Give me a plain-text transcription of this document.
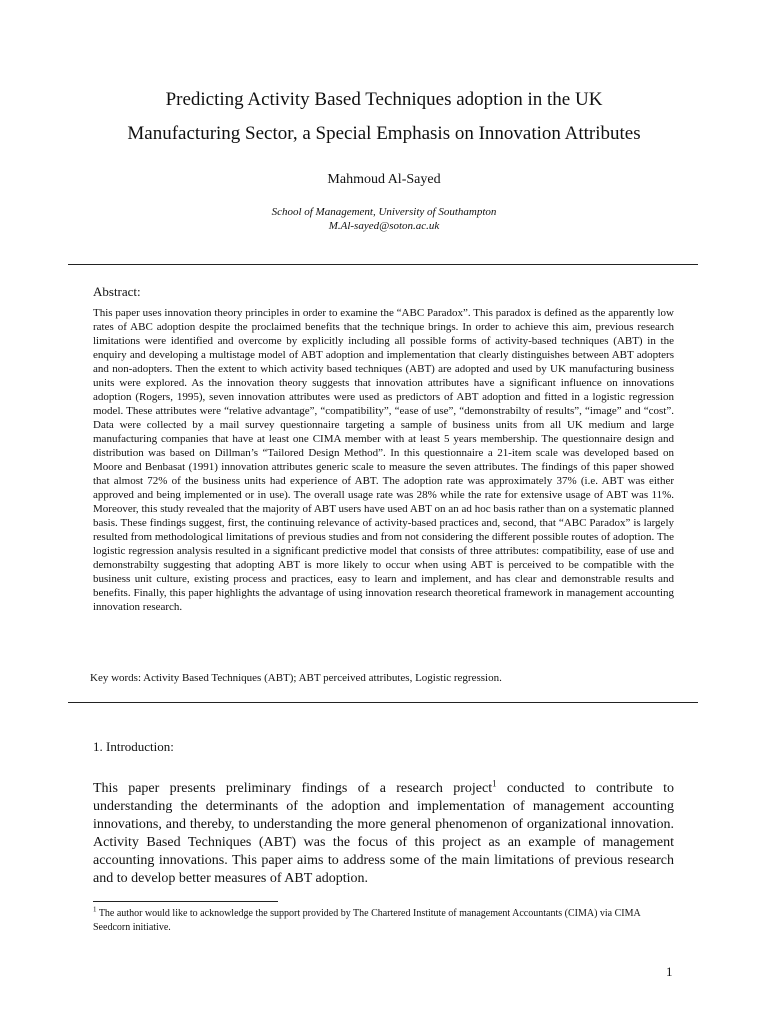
Predicting Activity Based Techniques adoption in the UK
Manufacturing Sector, a Special Emphasis on Innovation Attributes
Mahmoud Al-Sayed
School of Management, University of Southampton
M.Al-sayed@soton.ac.uk
Abstract:
This paper uses innovation theory principles in order to examine the “ABC Paradox”. This paradox is defined as the apparently low rates of ABC adoption despite the proclaimed benefits that the technique brings. In order to achieve this aim, previous research limitations were identified and overcome by explicitly including all possible forms of activity-based techniques (ABT) in the enquiry and developing a multistage model of ABT adoption and implementation that clearly distinguishes between ABT adopters and non-adopters. Then the extent to which activity based techniques (ABT) are adopted and used by UK manufacturing business units were explored. As the innovation theory suggests that innovation attributes have a significant influence on innovations adoption (Rogers, 1995), seven innovation attributes were used as predictors of ABT adoption and fitted in a logistic regression model. These attributes were “relative advantage”, “compatibility”, “ease of use”, “demonstrabilty of results”, “image” and “cost”. Data were collected by a mail survey questionnaire targeting a sample of business units from all UK medium and large manufacturing companies that have at least one CIMA member with at least 5 years membership. The questionnaire design and distribution was based on Dillman’s “Tailored Design Method”. In this questionnaire a 21-item scale was developed based on Moore and Benbasat (1991) innovation attributes generic scale to measure the seven attributes. The findings of this paper showed that almost 72% of the business units had experience of ABT. The adoption rate was approximately 37% (i.e. ABT was either approved and being implemented or in use). The overall usage rate was 28% while the rate for extensive usage of ABT was 11%. Moreover, this study revealed that the majority of ABT users have used ABT on an ad hoc basis rather than on a systematic planned basis. These findings suggest, first, the continuing relevance of activity-based practices and, second, that “ABC Paradox” is largely resulted from methodological limitations of previous studies and from not considering the different possible routes of adoption. The logistic regression analysis resulted in a significant predictive model that consists of three attributes: compatibility, ease of use and demonstrabilty suggesting that adopting ABT is more likely to occur when using ABT is perceived to be compatible with the business unit culture, existing process and practices, easy to learn and implement, and has clear and demonstrable results and benefits. Finally, this paper highlights the advantage of using innovation research theoretical framework in management accounting innovation research.
Key words: Activity Based Techniques (ABT); ABT perceived attributes, Logistic regression.
1. Introduction:
This paper presents preliminary findings of a research project$^1$ conducted to contribute to understanding the determinants of the adoption and implementation of management accounting innovations, and thereby, to understanding the more general phenomenon of organizational innovation. Activity Based Techniques (ABT) was the focus of this project as an example of management accounting innovations. This paper aims to address some of the main limitations of previous research and to develop better measures of ABT adoption.
$^1$ The author would like to acknowledge the support provided by The Chartered Institute of management Accountants (CIMA) via CIMA Seedcorn initiative.
1
